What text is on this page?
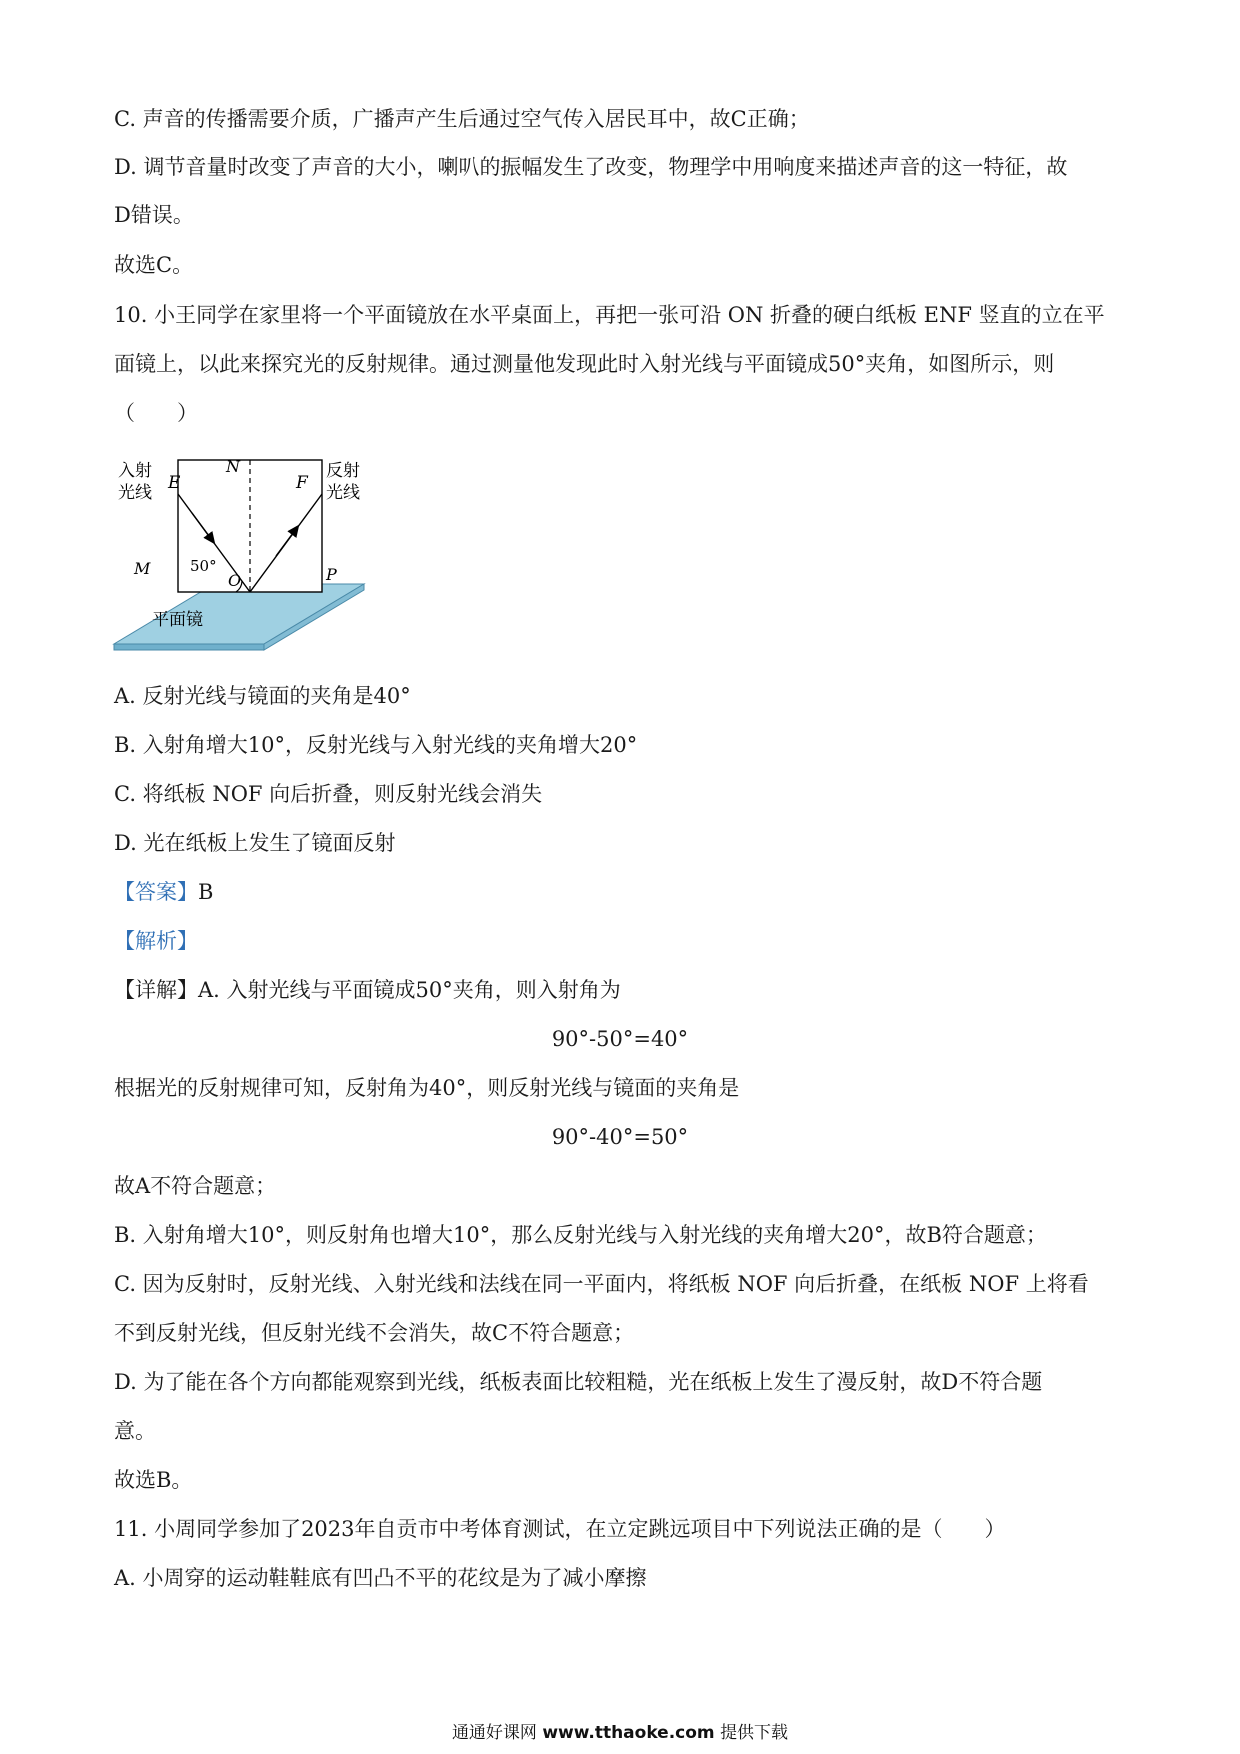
C. 声音的传播需要介质，广播声产生后通过空气传入居民耳中，故C正确；
D. 调节音量时改变了声音的大小，喇叭的振幅发生了改变，物理学中用响度来描述声音的这一特征，故
D错误。
故选C。
10. 小王同学在家里将一个平面镜放在水平桌面上，再把一张可沿 ON 折叠的硬白纸板 ENF 竖直的立在平
面镜上，以此来探究光的反射规律。通过测量他发现此时入射光线与平面镜成50°夹角，如图所示，则
（　　）
入射
光线
反射
光线
E
N
F
M
O	P
50°
平面镜
A. 反射光线与镜面的夹角是40°
B. 入射角增大10°，反射光线与入射光线的夹角增大20°
C. 将纸板 NOF 向后折叠，则反射光线会消失
D. 光在纸板上发生了镜面反射
【答案】B
【解析】
【详解】A. 入射光线与平面镜成50°夹角，则入射角为
90°-50°=40°
根据光的反射规律可知，反射角为40°，则反射光线与镜面的夹角是
90°-40°=50°
故A不符合题意；
B. 入射角增大10°，则反射角也增大10°，那么反射光线与入射光线的夹角增大20°，故B符合题意；
C. 因为反射时，反射光线、入射光线和法线在同一平面内，将纸板 NOF 向后折叠，在纸板 NOF 上将看
不到反射光线，但反射光线不会消失，故C不符合题意；
D. 为了能在各个方向都能观察到光线，纸板表面比较粗糙，光在纸板上发生了漫反射，故D不符合题
意。
故选B。
11. 小周同学参加了2023年自贡市中考体育测试，在立定跳远项目中下列说法正确的是（　　）
A. 小周穿的运动鞋鞋底有凹凸不平的花纹是为了减小摩擦
通通好课网 www.tthaoke.com 提供下载
